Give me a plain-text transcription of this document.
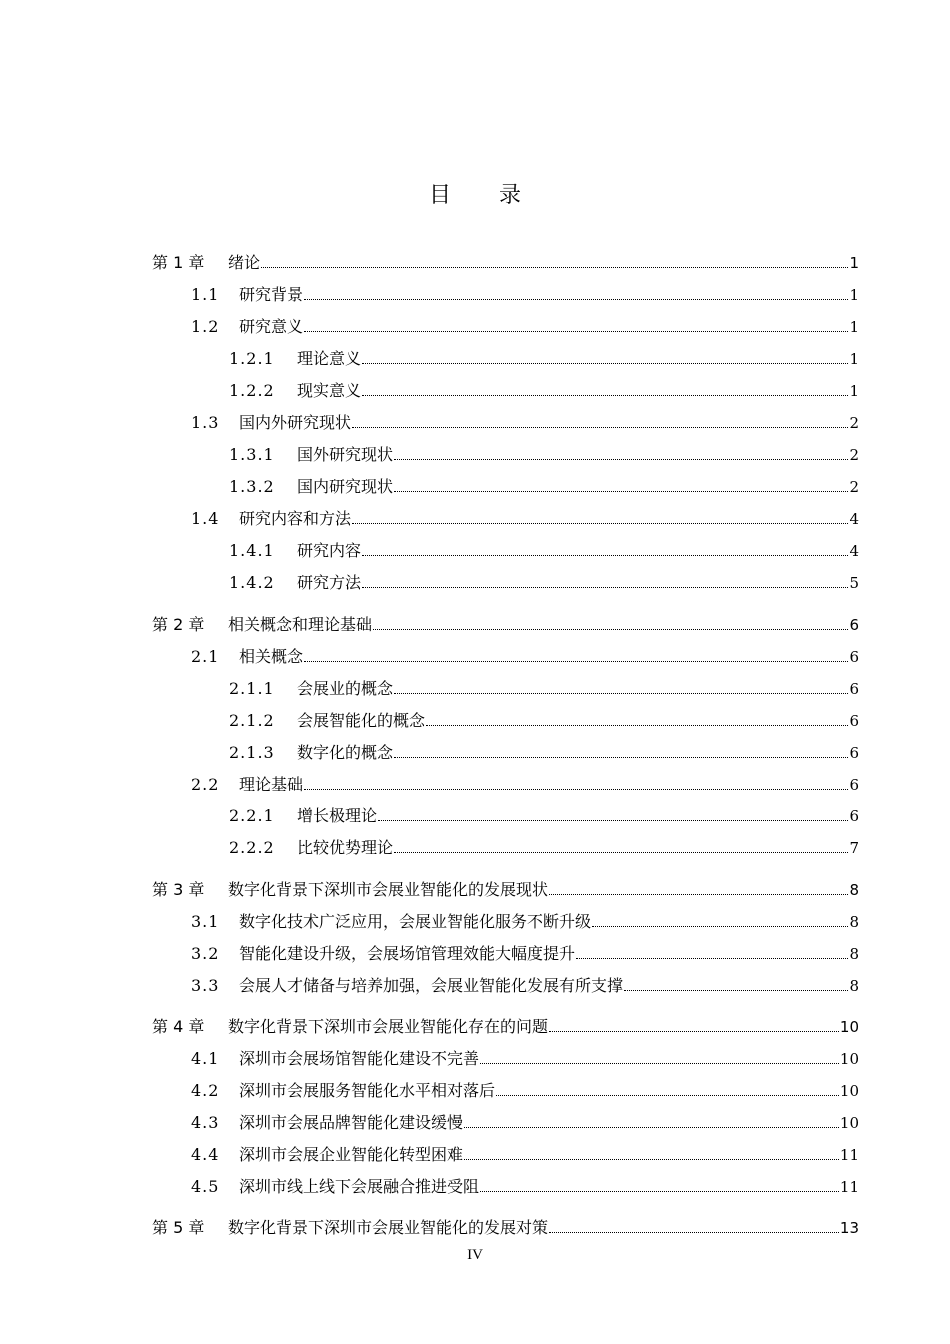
目 录
第 1 章	绪论	1
1.1	研究背景	1
1.2	研究意义	1
1.2.1	理论意义	1
1.2.2	现实意义	1
1.3	国内外研究现状	2
1.3.1	国外研究现状	2
1.3.2	国内研究现状	2
1.4	研究内容和方法	4
1.4.1	研究内容	4
1.4.2	研究方法	5
第 2 章	相关概念和理论基础	6
2.1	相关概念	6
2.1.1	会展业的概念	6
2.1.2	会展智能化的概念	6
2.1.3	数字化的概念	6
2.2	理论基础	6
2.2.1	增长极理论	6
2.2.2	比较优势理论	7
第 3 章	数字化背景下深圳市会展业智能化的发展现状	8
3.1	数字化技术广泛应用，会展业智能化服务不断升级	8
3.2	智能化建设升级，会展场馆管理效能大幅度提升	8
3.3	会展人才储备与培养加强，会展业智能化发展有所支撑	8
第 4 章	数字化背景下深圳市会展业智能化存在的问题	10
4.1	深圳市会展场馆智能化建设不完善	10
4.2	深圳市会展服务智能化水平相对落后	10
4.3	深圳市会展品牌智能化建设缓慢	10
4.4	深圳市会展企业智能化转型困难	11
4.5	深圳市线上线下会展融合推进受阻	11
第 5 章	数字化背景下深圳市会展业智能化的发展对策	13
IV
